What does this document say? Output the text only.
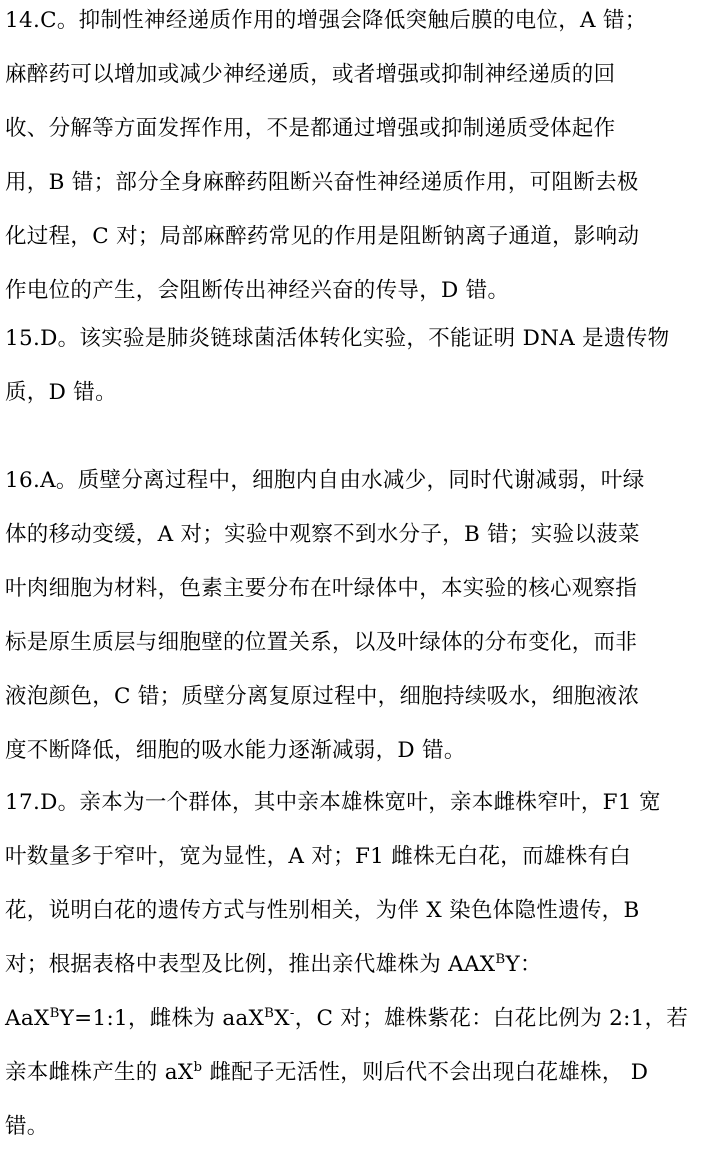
14.C。抑制性神经递质作用的增强会降低突触后膜的电位，A 错；
麻醉药可以增加或减少神经递质，或者增强或抑制神经递质的回
收、分解等方面发挥作用，不是都通过增强或抑制递质受体起作
用，B 错；部分全身麻醉药阻断兴奋性神经递质作用，可阻断去极
化过程，C 对；局部麻醉药常见的作用是阻断钠离子通道，影响动
作电位的产生，会阻断传出神经兴奋的传导，D 错。

15.D。该实验是肺炎链球菌活体转化实验，不能证明 DNA 是遗传物
质，D 错。

16.A。质壁分离过程中，细胞内自由水减少，同时代谢减弱，叶绿
体的移动变缓，A 对；实验中观察不到水分子，B 错；实验以菠菜
叶肉细胞为材料，色素主要分布在叶绿体中，本实验的核心观察指
标是原生质层与细胞壁的位置关系，以及叶绿体的分布变化，而非
液泡颜色，C 错；质壁分离复原过程中，细胞持续吸水，细胞液浓
度不断降低，细胞的吸水能力逐渐减弱，D 错。

17.D。亲本为一个群体，其中亲本雄株宽叶，亲本雌株窄叶，F1 宽
叶数量多于窄叶，宽为显性，A 对；F1 雌株无白花，而雄株有白
花，说明白花的遗传方式与性别相关，为伴 X 染色体隐性遗传，B
对；根据表格中表型及比例，推出亲代雄株为 $AAX^BY$：
AaX$^B$Y=1:1，雌株为 aaX$^B$X-，C 对；雄株紫花：白花比例为 2:1，若
亲本雌株产生的 $aX^b$ 雌配子无活性，则后代不会出现白花雄株， D
错。
